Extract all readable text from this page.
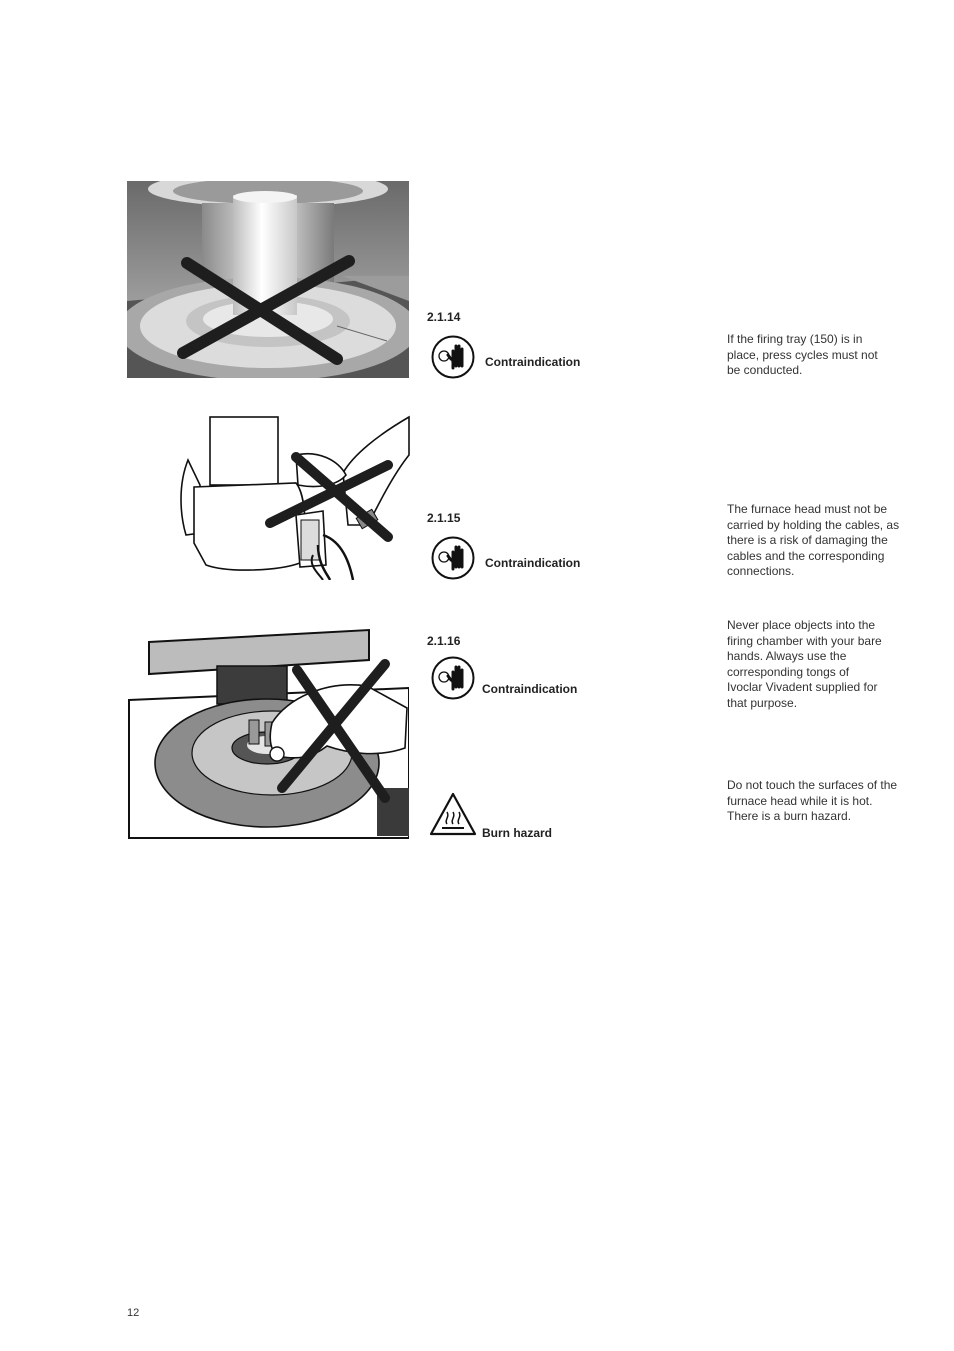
2.1.14
Contraindication
If the firing tray (150) is in
place, press cycles must not
be conducted.
2.1.15
Contraindication
The furnace head must not be
carried by holding the cables, as
there is a risk of damaging the
cables and the corresponding
connections.
2.1.16
Contraindication
Never place objects into the
firing chamber with your bare
hands. Always use the
corresponding tongs of
Ivoclar Vivadent supplied for
that purpose.
Burn hazard
Do not touch the surfaces of the
furnace head while it is hot.
There is a burn hazard.
12
